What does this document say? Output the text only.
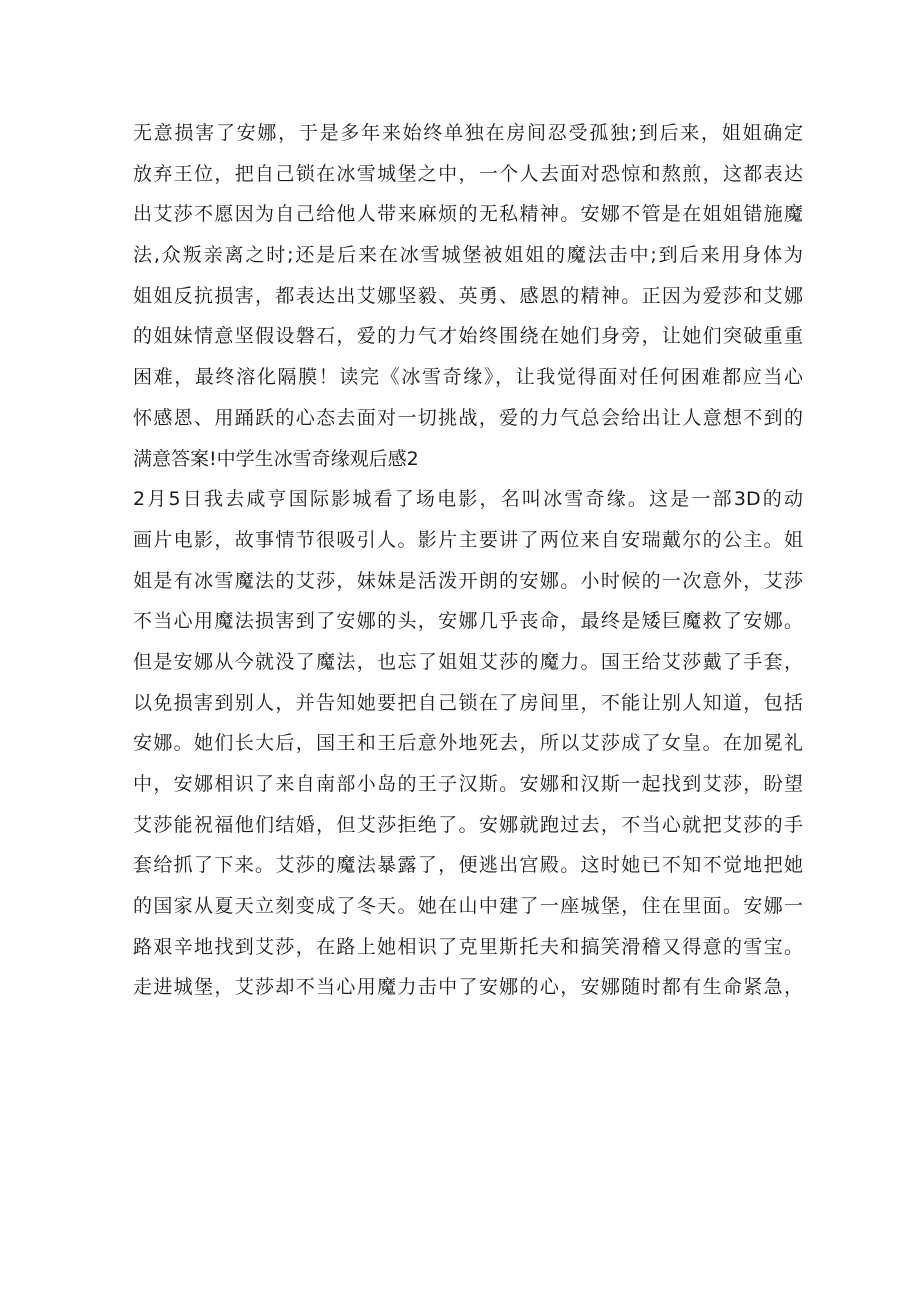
无意损害了安娜，于是多年来始终单独在房间忍受孤独;到后来，姐姐确定
放弃王位，把自己锁在冰雪城堡之中，一个人去面对恐惊和熬煎，这都表达
出艾莎不愿因为自己给他人带来麻烦的无私精神。安娜不管是在姐姐错施魔
法,众叛亲离之时;还是后来在冰雪城堡被姐姐的魔法击中;到后来用身体为
姐姐反抗损害，都表达出艾娜坚毅、英勇、感恩的精神。正因为爱莎和艾娜
的姐妹情意坚假设磐石，爱的力气才始终围绕在她们身旁，让她们突破重重
困难，最终溶化隔膜！读完《冰雪奇缘》，让我觉得面对任何困难都应当心
怀感恩、用踊跃的心态去面对一切挑战，爱的力气总会给出让人意想不到的
满意答案!中学生冰雪奇缘观后感2
2月5日我去咸亨国际影城看了场电影，名叫冰雪奇缘。这是一部3D的动
画片电影，故事情节很吸引人。影片主要讲了两位来自安瑞戴尔的公主。姐
姐是有冰雪魔法的艾莎，妹妹是活泼开朗的安娜。小时候的一次意外，艾莎
不当心用魔法损害到了安娜的头，安娜几乎丧命，最终是矮巨魔救了安娜。
但是安娜从今就没了魔法，也忘了姐姐艾莎的魔力。国王给艾莎戴了手套，
以免损害到别人，并告知她要把自己锁在了房间里，不能让别人知道，包括
安娜。她们长大后，国王和王后意外地死去，所以艾莎成了女皇。在加冕礼
中，安娜相识了来自南部小岛的王子汉斯。安娜和汉斯一起找到艾莎，盼望
艾莎能祝福他们结婚，但艾莎拒绝了。安娜就跑过去，不当心就把艾莎的手
套给抓了下来。艾莎的魔法暴露了，便逃出宫殿。这时她已不知不觉地把她
的国家从夏天立刻变成了冬天。她在山中建了一座城堡，住在里面。安娜一
路艰辛地找到艾莎，在路上她相识了克里斯托夫和搞笑滑稽又得意的雪宝。
走进城堡，艾莎却不当心用魔力击中了安娜的心，安娜随时都有生命紧急，
